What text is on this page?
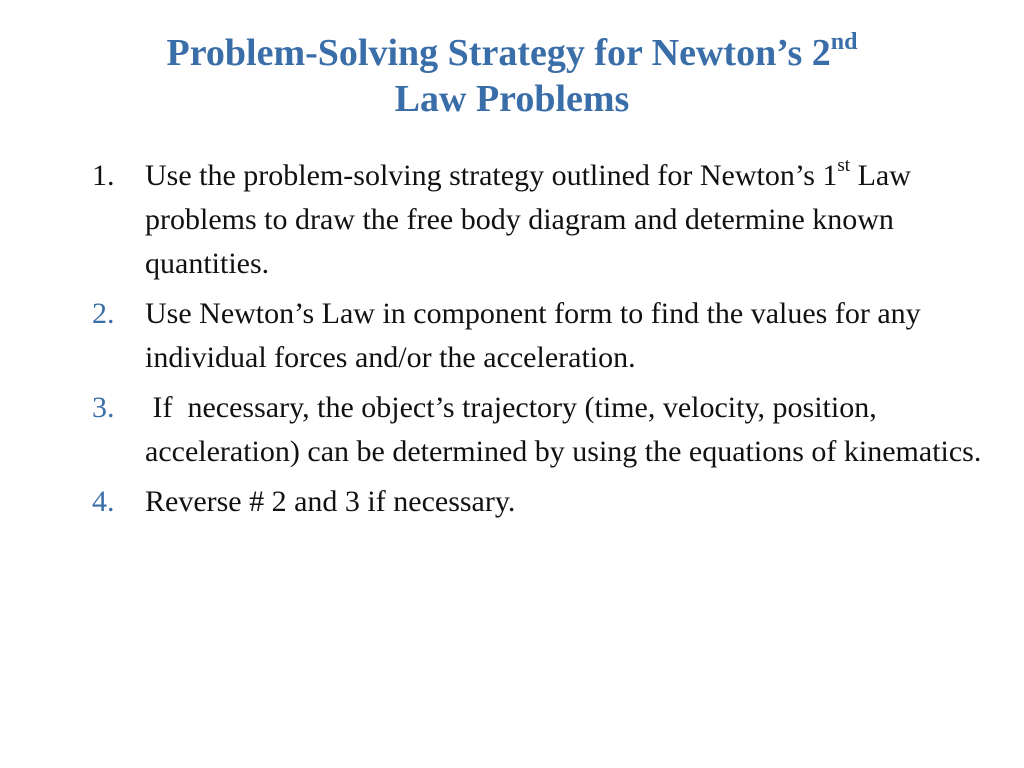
Problem-Solving Strategy for Newton’s 2nd
Law Problems
1. Use the problem-solving strategy outlined for Newton’s 1st Law problems to draw the free body diagram and determine known quantities.
2. Use Newton’s Law in component form to find the values for any individual forces and/or the acceleration.
3. If  necessary, the object’s trajectory (time, velocity, position, acceleration) can be determined by using the equations of kinematics.
4. Reverse # 2 and 3 if necessary.
